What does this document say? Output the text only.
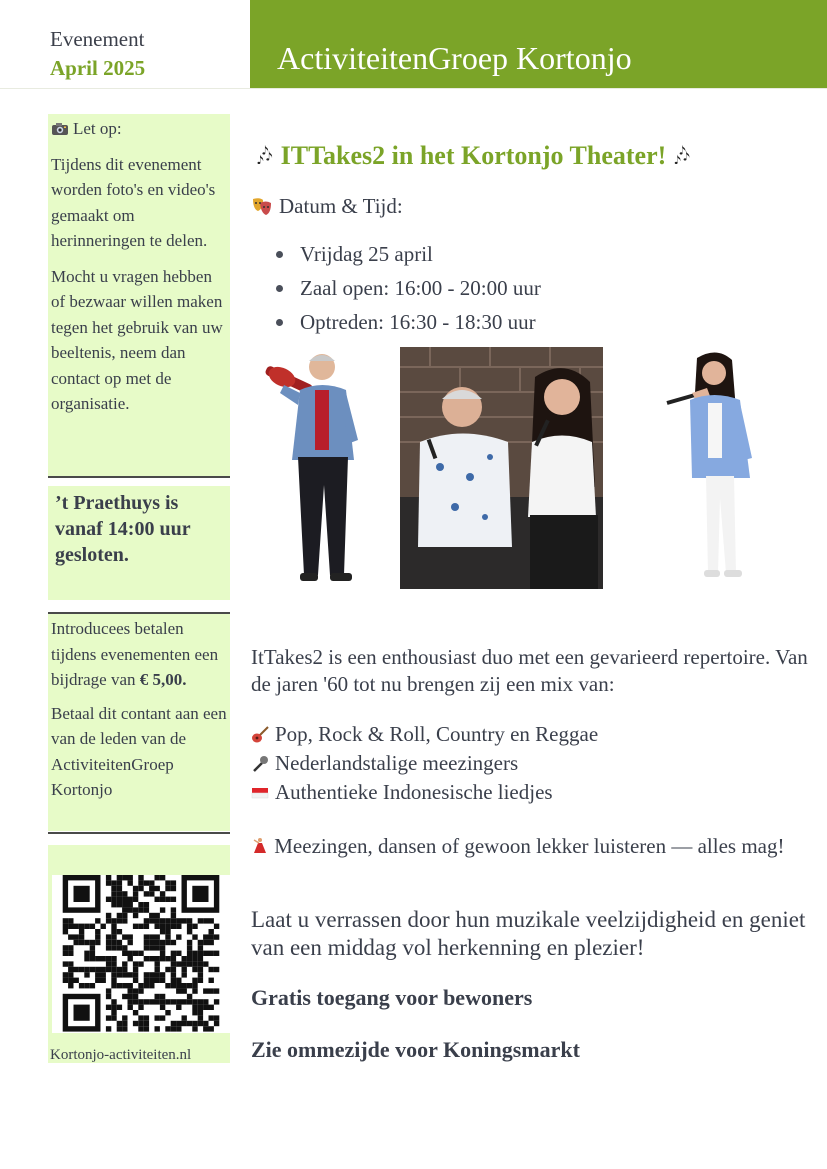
Evenement
April 2025	ActiviteitenGroep Kortonjo
Let op:

Tijdens dit evenement worden foto's en video's gemaakt om herinneringen te delen.

Mocht u vragen hebben of bezwaar willen maken tegen het gebruik van uw beeltenis, neem dan contact op met de organisatie.

’t Praethuys is vanaf 14:00 uur gesloten.

Introducees betalen tijdens evenementen een bijdrage van € 5,00.

Betaal dit contant aan een van de leden van de ActiviteitenGroep Kortonjo

Kortonjo-activiteiten.nl
🎶︎ ITTakes2 in het Kortonjo Theater! 🎶︎
Datum & Tijd:
Vrijdag 25 april
Zaal open: 16:00 - 20:00 uur
Optreden: 16:30 - 18:30 uur
ItTakes2 is een enthousiast duo met een gevarieerd repertoire. Van de jaren '60 tot nu brengen zij een mix van:
Pop, Rock & Roll, Country en Reggae
Nederlandstalige meezingers
Authentieke Indonesische liedjes
Meezingen, dansen of gewoon lekker luisteren — alles mag!
Laat u verrassen door hun muzikale veelzijdigheid en geniet van een middag vol herkenning en plezier!
Gratis toegang voor bewoners
Zie ommezijde voor Koningsmarkt
